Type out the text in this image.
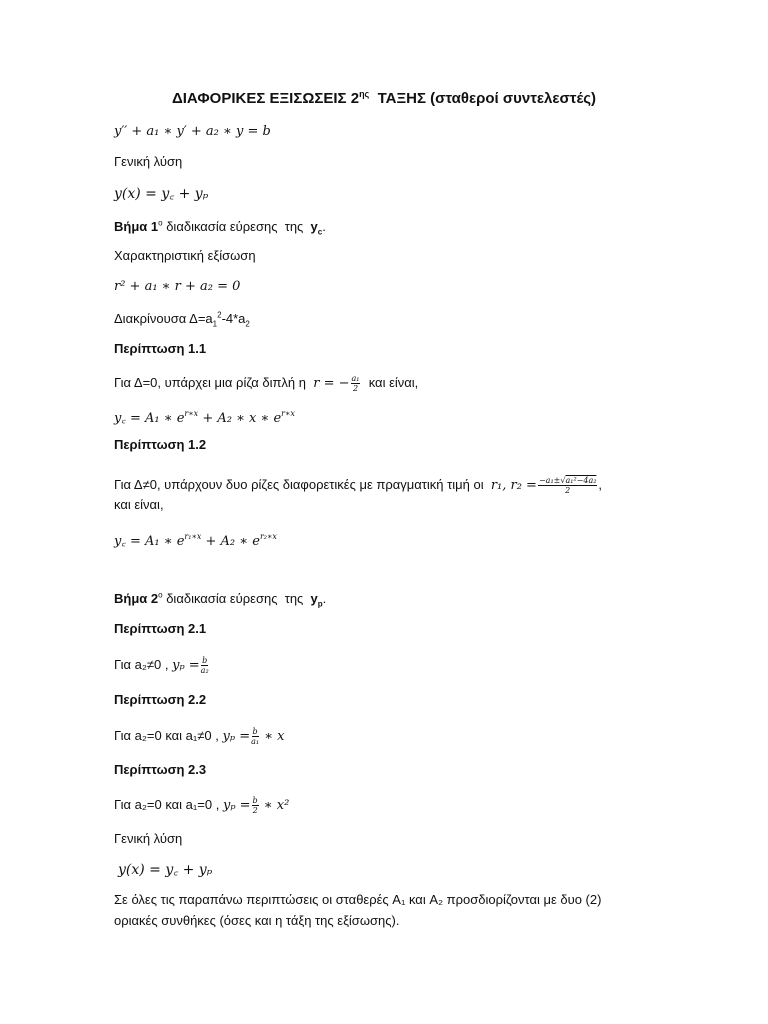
ΔΙΑΦΟΡΙΚΕΣ ΕΞΙΣΩΣΕΙΣ $2^{\eta\varsigma}$  ΤΑΞΗΣ (σταθεροί συντελεστές)
y′′ + a₁ ∗ y′ + a₂ ∗ y = b
Γενική λύση
y(x) = y꜀ + yₚ
Βήμα $1^o$ διαδικασία εύρεσης  της  $y_c$.
Χαρακτηριστική εξίσωση
r² + a₁ ∗ r + a₂ = 0
Διακρίνουσα $\Delta=a_1^2-4*a_2$
Περίπτωση 1.1
Για Δ=0, υπάρχει μια ρίζα διπλή η  r = − $\frac{\text{a₁}}{2}$ και είναι,
y꜀ = A₁ ∗ $e^{r∗x} + A_2$ ∗ x ∗ $e^{r∗x}$
Περίπτωση 1.2
Για Δ≠0, υπάρχουν δυο ρίζες διαφορετικές με πραγματική τιμή οι  r₁, $r_2 = \frac{\text{−a₁±√a₁²−4a₂}}{2}$ ,
και είναι,
y꜀ = A₁ ∗ $e^{r_1∗x} + A_2$ ∗ $e^{r_2∗x}$
Βήμα $2^o$ διαδικασία εύρεσης  της  $y_p$.
Περίπτωση 2.1
Για a₂≠0 , $y_p = \frac{b}{\text{a₂}}$
Περίπτωση 2.2
Για a₂=0 και a₁≠0 , $y_p = \frac{b}{\text{a₁}}$ ∗ x
Περίπτωση 2.3
Για a₂=0 και a₁=0 , $y_p = \frac{b}{2}$ ∗ x²
Γενική λύση
y(x) = y꜀ + yₚ
Σε όλες τις παραπάνω περιπτώσεις οι σταθερές A₁ και A₂ προσδιορίζονται με δυο (2)
οριακές συνθήκες (όσες και η τάξη της εξίσωσης).
